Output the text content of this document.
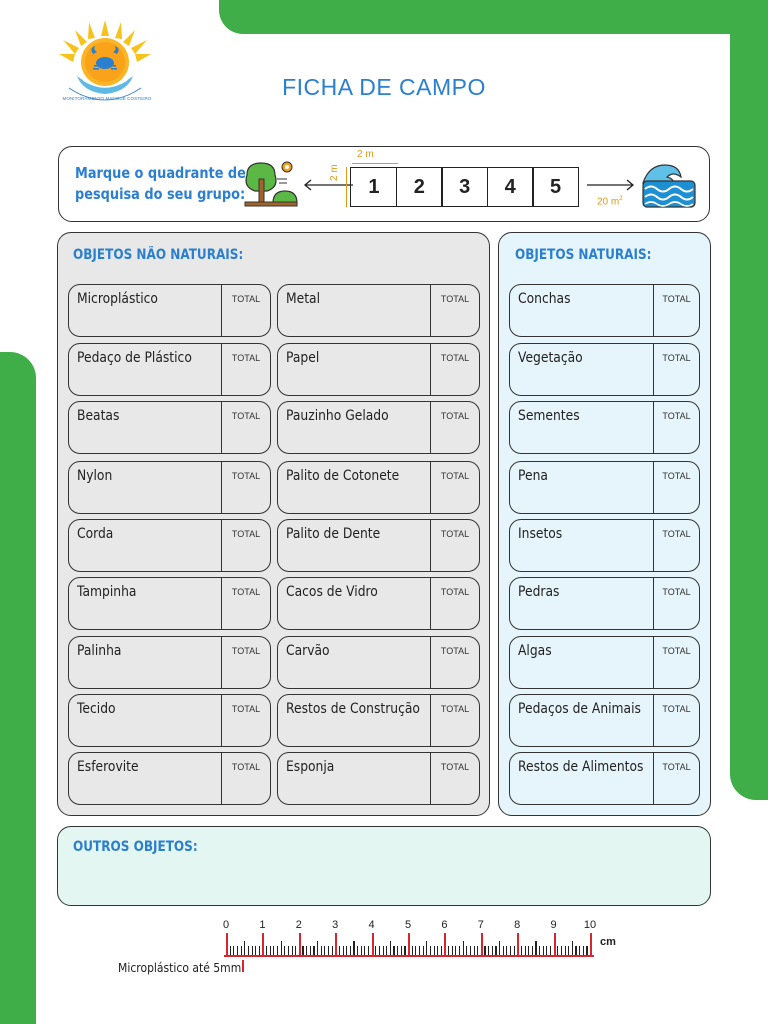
MONITORAMENTO MANGUE COSTEIRO	FICHA DE CAMPO
Marque o quadrante de
pesquisa do seu grupo:
2 m
2 m
1	2	3	4	5
20 $m^2$
OBJETOS NÃO NATURAIS:
Microplástico	TOTAL
Pedaço de Plástico	TOTAL
Beatas	TOTAL
Nylon	TOTAL
Corda	TOTAL
Tampinha	TOTAL
Palinha	TOTAL
Tecido	TOTAL
Esferovite	TOTAL
Metal	TOTAL
Papel	TOTAL
Pauzinho Gelado	TOTAL
Palito de Cotonete	TOTAL
Palito de Dente	TOTAL
Cacos de Vidro	TOTAL
Carvão	TOTAL
Restos de Construção	TOTAL
Esponja	TOTAL
OBJETOS NATURAIS:
Conchas	TOTAL
Vegetação	TOTAL
Sementes	TOTAL
Pena	TOTAL
Insetos	TOTAL
Pedras	TOTAL
Algas	TOTAL
Pedaços de Animais	TOTAL
Restos de Alimentos	TOTAL
OUTROS OBJETOS:
0	1	2	3	4	5	6	7	8	9	10
cm
Microplástico até 5mm
